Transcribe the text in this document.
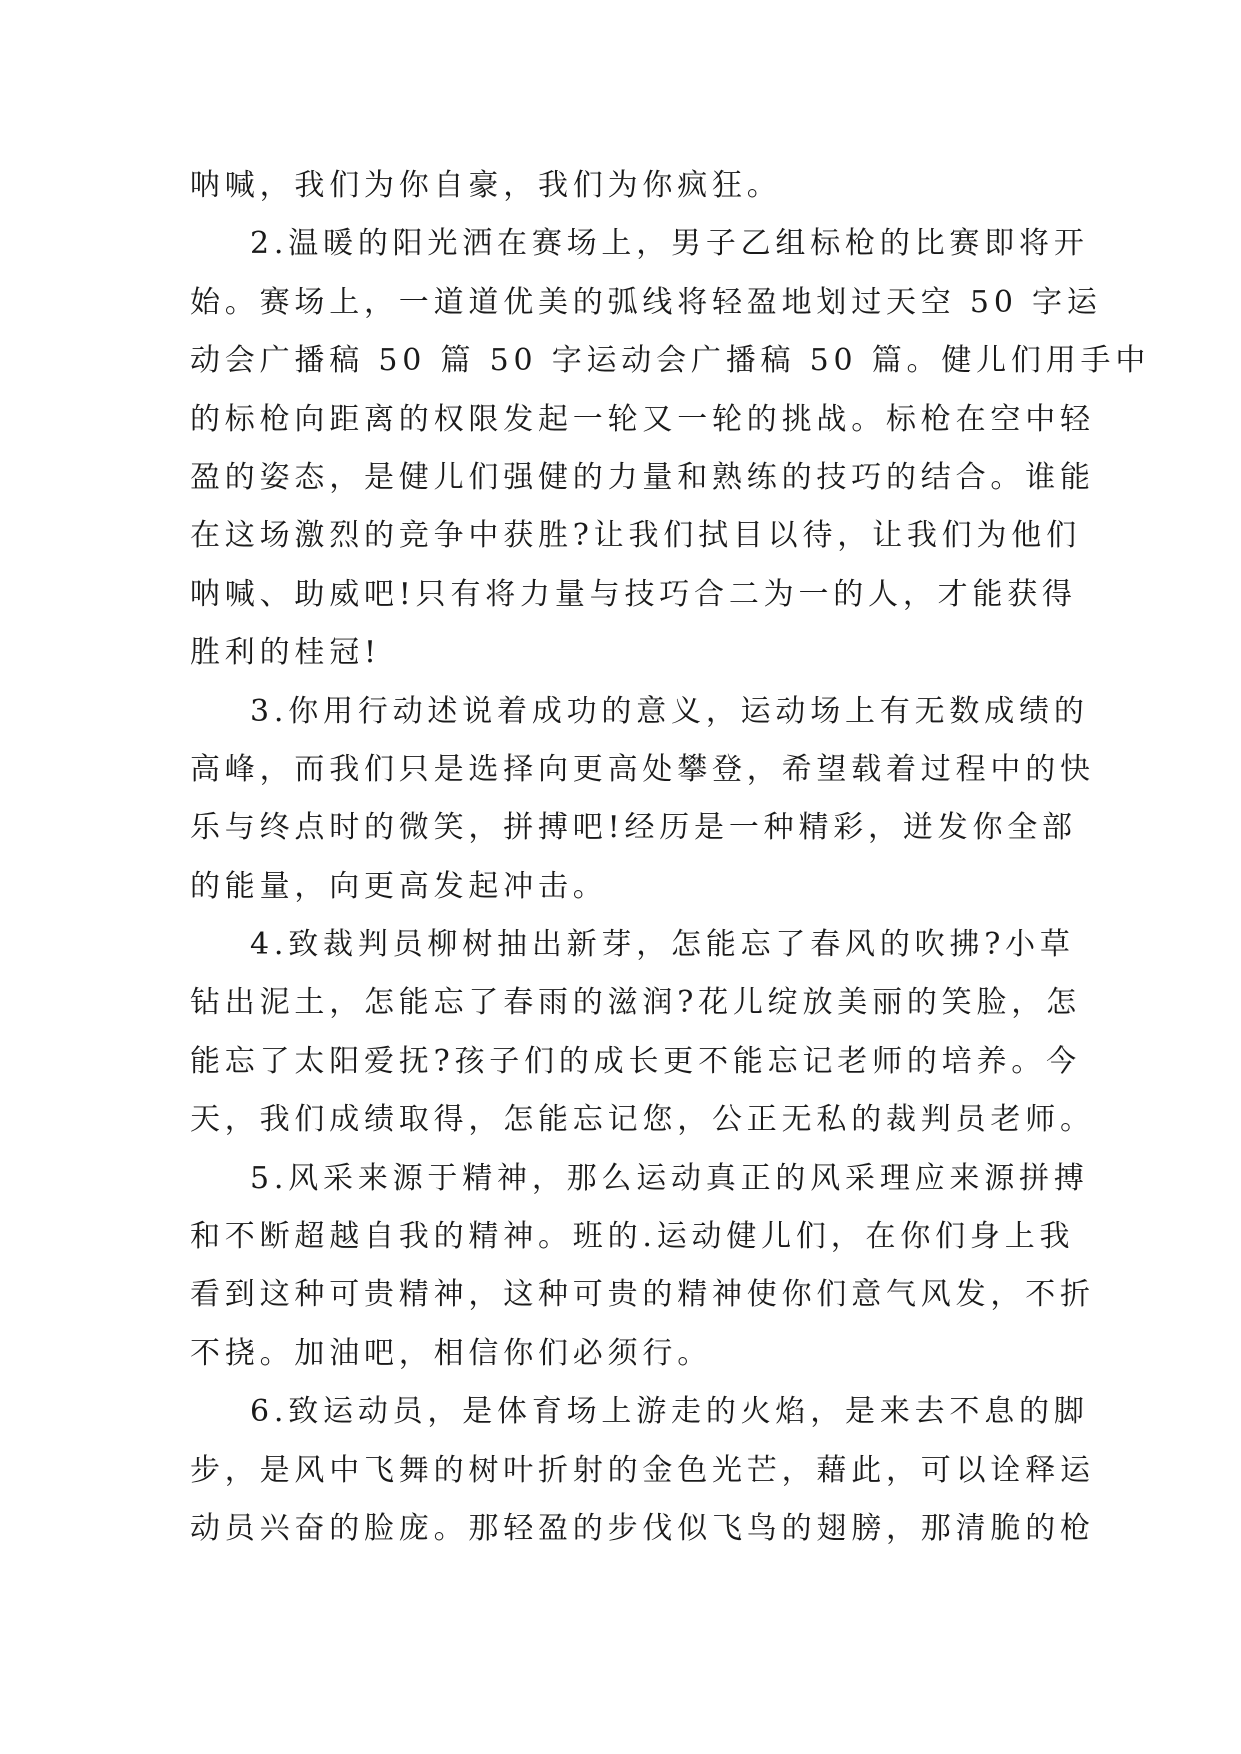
呐喊，我们为你自豪，我们为你疯狂。
2.温暖的阳光洒在赛场上，男子乙组标枪的比赛即将开
始。赛场上，一道道优美的弧线将轻盈地划过天空 50 字运
动会广播稿 50 篇 50 字运动会广播稿 50 篇。健儿们用手中
的标枪向距离的权限发起一轮又一轮的挑战。标枪在空中轻
盈的姿态，是健儿们强健的力量和熟练的技巧的结合。谁能
在这场激烈的竞争中获胜?让我们拭目以待，让我们为他们
呐喊、助威吧!只有将力量与技巧合二为一的人，才能获得
胜利的桂冠!
3.你用行动述说着成功的意义，运动场上有无数成绩的
高峰，而我们只是选择向更高处攀登，希望载着过程中的快
乐与终点时的微笑，拼搏吧!经历是一种精彩，迸发你全部
的能量，向更高发起冲击。
4.致裁判员柳树抽出新芽，怎能忘了春风的吹拂?小草
钻出泥土，怎能忘了春雨的滋润?花儿绽放美丽的笑脸，怎
能忘了太阳爱抚?孩子们的成长更不能忘记老师的培养。今
天，我们成绩取得，怎能忘记您，公正无私的裁判员老师。
5.风采来源于精神，那么运动真正的风采理应来源拼搏
和不断超越自我的精神。班的.运动健儿们，在你们身上我
看到这种可贵精神，这种可贵的精神使你们意气风发，不折
不挠。加油吧，相信你们必须行。
6.致运动员，是体育场上游走的火焰，是来去不息的脚
步，是风中飞舞的树叶折射的金色光芒，藉此，可以诠释运
动员兴奋的脸庞。那轻盈的步伐似飞鸟的翅膀，那清脆的枪
